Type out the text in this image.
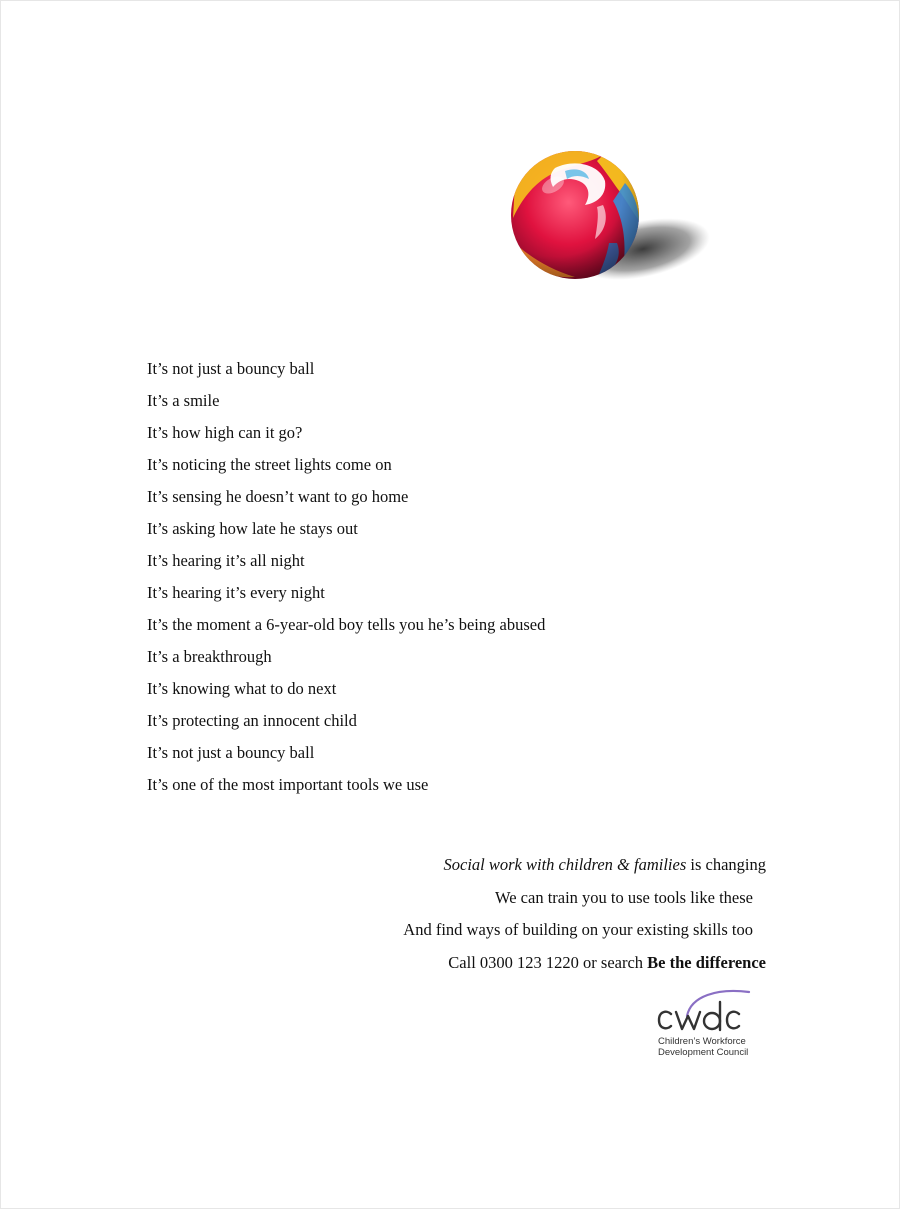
It’s not just a bouncy ball
It’s a smile
It’s how high can it go?
It’s noticing the street lights come on
It’s sensing he doesn’t want to go home
It’s asking how late he stays out
It’s hearing it’s all night
It’s hearing it’s every night
It’s the moment a 6-year-old boy tells you he’s being abused
It’s a breakthrough
It’s knowing what to do next
It’s protecting an innocent child
It’s not just a bouncy ball
It’s one of the most important tools we use
Social work with children & families is changing
We can train you to use tools like these
And find ways of building on your existing skills too
Call 0300 123 1220 or search Be the difference
Children’s Workforce
Development Council
